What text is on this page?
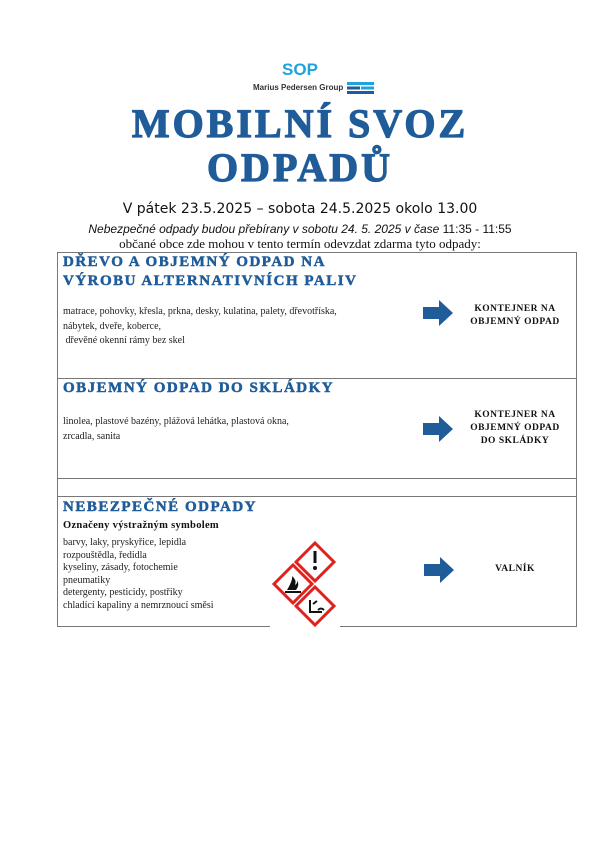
SOP
Marius Pedersen Group
MOBILNÍ SVOZ
ODPADŮ
V pátek 23.5.2025 – sobota 24.5.2025 okolo 13.00
Nebezpečné odpady budou přebírany v sobotu 24. 5. 2025 v čase 11:35 - 11:55
občané obce zde mohou v tento termín odevzdat zdarma tyto odpady:
DŘEVO A OBJEMNÝ ODPAD NA
VÝROBU ALTERNATIVNÍCH PALIV
matrace, pohovky, křesla, prkna, desky, kulatina, palety, dřevotříska,
nábytek, dveře, koberce,
dřevěné okenní rámy bez skel
KONTEJNER NA
OBJEMNÝ ODPAD
OBJEMNÝ ODPAD DO SKLÁDKY
linolea, plastové bazény, plážová lehátka, plastová okna,
zrcadla, sanita
KONTEJNER NA
OBJEMNÝ ODPAD
DO SKLÁDKY
NEBEZPEČNÉ ODPADY
Označeny výstražným symbolem
barvy, laky, pryskyřice, lepidla
rozpouštědla, ředidla
kyseliny, zásady, fotochemie
pneumatiky
detergenty, pesticidy, postřiky
chladící kapaliny a nemrznoucí směsi
VALNÍK
